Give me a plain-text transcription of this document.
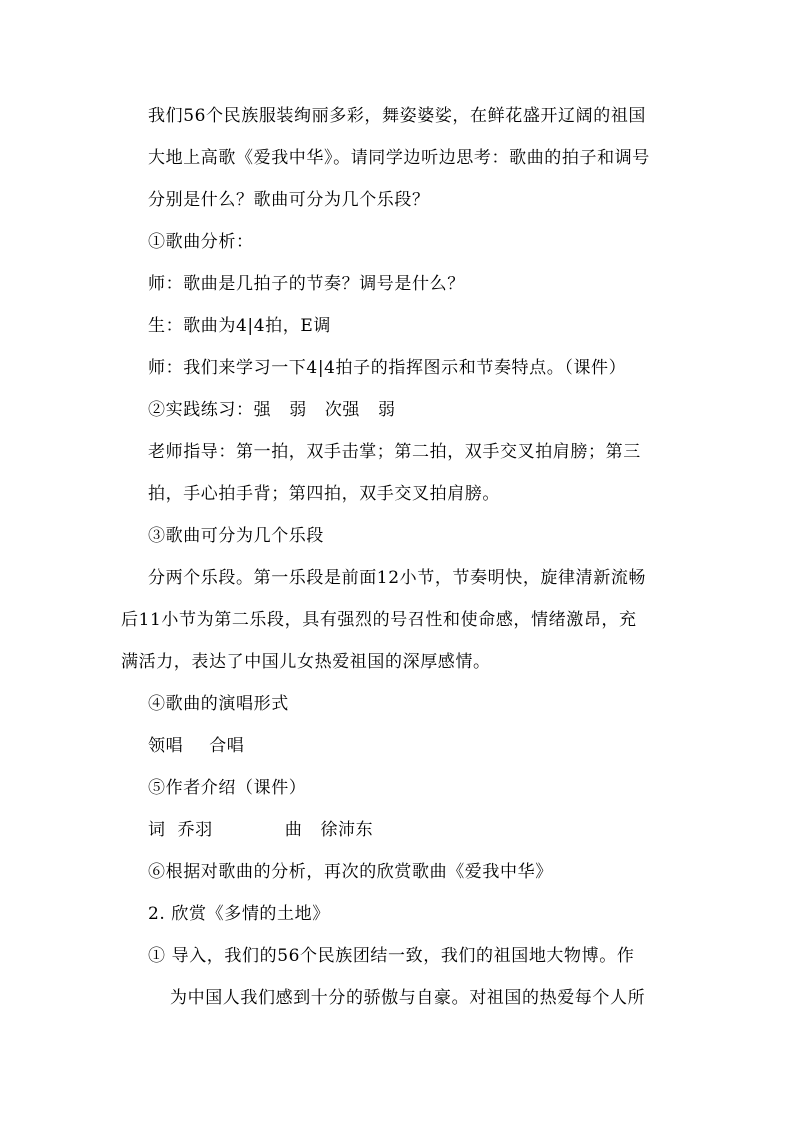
我们56个民族服装绚丽多彩，舞姿婆娑，在鲜花盛开辽阔的祖国
大地上高歌《爱我中华》。请同学边听边思考：歌曲的拍子和调号
分别是什么？歌曲可分为几个乐段？
①歌曲分析：
师：歌曲是几拍子的节奏？调号是什么？
生：歌曲为4|4拍，E调
师：我们来学习一下4|4拍子的指挥图示和节奏特点。（课件）
②实践练习：强 弱 次强 弱
老师指导：第一拍，双手击掌；第二拍，双手交叉拍肩膀；第三
拍，手心拍手背；第四拍，双手交叉拍肩膀。
③歌曲可分为几个乐段
分两个乐段。第一乐段是前面12小节，节奏明快，旋律清新流畅
后11小节为第二乐段，具有强烈的号召性和使命感，情绪激昂，充
满活力，表达了中国儿女热爱祖国的深厚感情。
④歌曲的演唱形式
领唱 合唱
⑤作者介绍（课件）
词 乔羽	曲 徐沛东
⑥根据对歌曲的分析，再次的欣赏歌曲《爱我中华》
2. 欣赏《多情的土地》
① 导入，我们的56个民族团结一致，我们的祖国地大物博。作
为中国人我们感到十分的骄傲与自豪。对祖国的热爱每个人所
